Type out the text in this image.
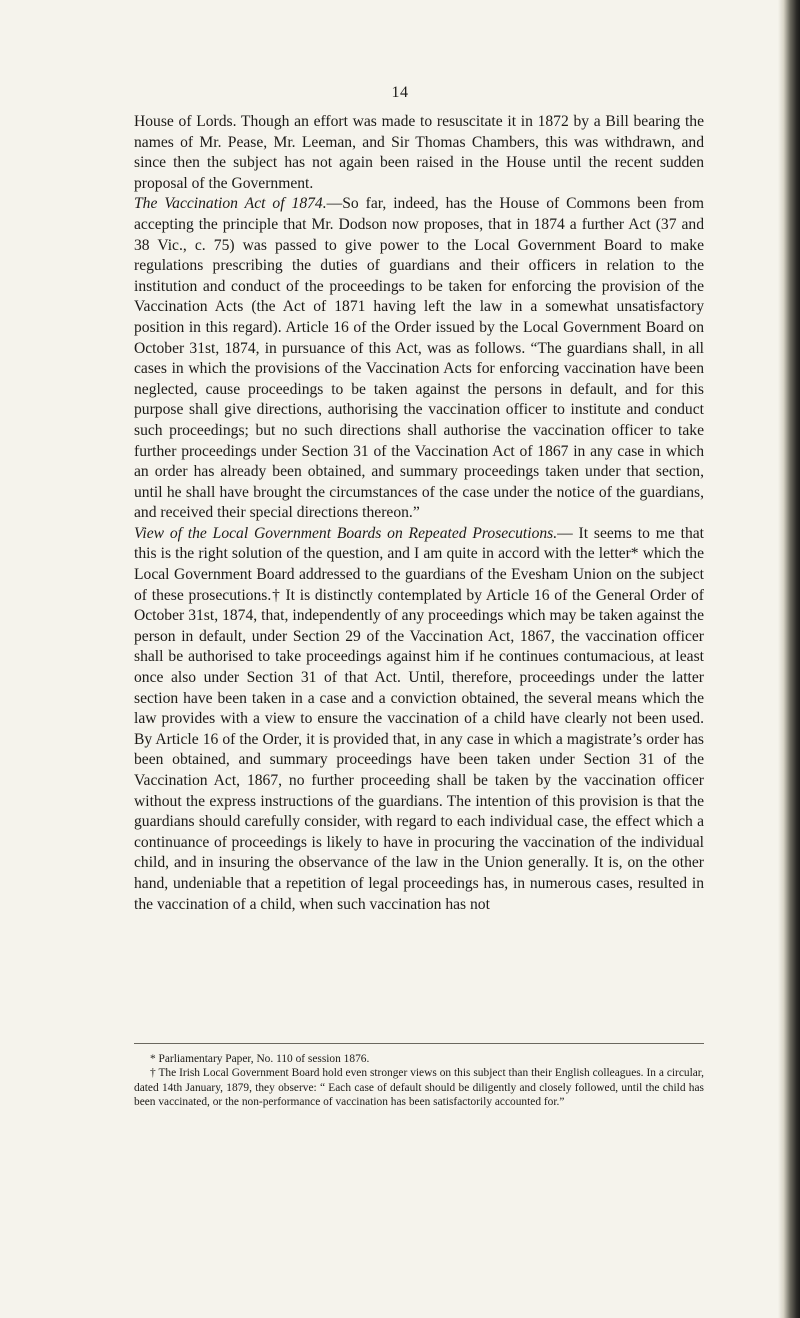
14

House of Lords. Though an effort was made to resuscitate it in 1872 by a Bill bearing the names of Mr. Pease, Mr. Leeman, and Sir Thomas Chambers, this was withdrawn, and since then the subject has not again been raised in the House until the recent sudden proposal of the Government.

The Vaccination Act of 1874.—So far, indeed, has the House of Commons been from accepting the principle that Mr. Dodson now proposes, that in 1874 a further Act (37 and 38 Vic., c. 75) was passed to give power to the Local Government Board to make regulations prescribing the duties of guardians and their officers in relation to the institution and conduct of the proceedings to be taken for enforcing the provision of the Vaccination Acts (the Act of 1871 having left the law in a somewhat unsatisfactory position in this regard). Article 16 of the Order issued by the Local Government Board on October 31st, 1874, in pursuance of this Act, was as follows. “The guardians shall, in all cases in which the provisions of the Vaccination Acts for enforcing vaccination have been neglected, cause proceedings to be taken against the persons in default, and for this purpose shall give directions, authorising the vaccination officer to institute and conduct such proceedings; but no such directions shall authorise the vaccination officer to take further proceedings under Section 31 of the Vaccination Act of 1867 in any case in which an order has already been obtained, and summary proceedings taken under that section, until he shall have brought the circumstances of the case under the notice of the guardians, and received their special directions thereon.”

View of the Local Government Boards on Repeated Prosecutions.— It seems to me that this is the right solution of the question, and I am quite in accord with the letter* which the Local Government Board addressed to the guardians of the Evesham Union on the subject of these prosecutions.† It is distinctly contemplated by Article 16 of the General Order of October 31st, 1874, that, independently of any proceedings which may be taken against the person in default, under Section 29 of the Vaccination Act, 1867, the vaccination officer shall be authorised to take proceedings against him if he continues contumacious, at least once also under Section 31 of that Act. Until, therefore, proceedings under the latter section have been taken in a case and a conviction obtained, the several means which the law provides with a view to ensure the vaccination of a child have clearly not been used. By Article 16 of the Order, it is provided that, in any case in which a magistrate’s order has been obtained, and summary proceedings have been taken under Section 31 of the Vaccination Act, 1867, no further proceeding shall be taken by the vaccination officer without the express instructions of the guardians. The intention of this provision is that the guardians should carefully consider, with regard to each individual case, the effect which a continuance of proceedings is likely to have in procuring the vaccination of the individual child, and in insuring the observance of the law in the Union generally. It is, on the other hand, undeniable that a repetition of legal proceedings has, in numerous cases, resulted in the vaccination of a child, when such vaccination has not

* Parliamentary Paper, No. 110 of session 1876.

† The Irish Local Government Board hold even stronger views on this subject than their English colleagues. In a circular, dated 14th January, 1879, they observe: “ Each case of default should be diligently and closely followed, until the child has been vaccinated, or the non-performance of vaccination has been satisfactorily accounted for.”
